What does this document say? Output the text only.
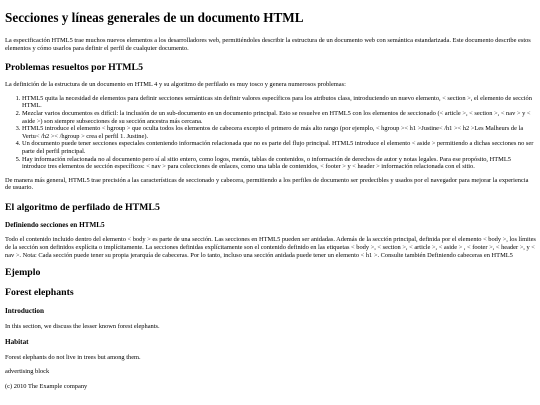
Secciones y líneas generales de un documento HTML

La especificación HTML5 trae muchos nuevos elementos a los desarrolladores web, permitiéndoles describir la estructura de un documento web con semántica estandarizada. Este documento describe estos elementos y cómo usarlos para definir el perfil de cualquier documento.

Problemas resueltos por HTML5

La definición de la estructura de un documento en HTML 4 y su algoritmo de perfilado es muy tosco y genera numerosos problemas:

1. HTML5 quita la necesidad de elementos para definir secciones semánticas sin definir valores específicos para los atributos class, introduciendo un nuevo elemento, < section >, el elemento de sección HTML.
2. Mezclar varios documentos es difícil: la inclusión de un sub-documento en un documento principal. Esto se resuelve en HTML5 con los elementos de seccionado (< article >, < section >, < nav > y < aside >) son siempre subsecciones de su sección ancestra más cercana.
3. HTML5 introduce el elemento < hgroup > que oculta todos los elementos de cabecera excepto el primero de más alto rango (por ejemplo, < hgroup >< h1 >Justine< /h1 >< h2 >Les Malheurs de la Vertu< /h2 >< /hgroup > crea el perfil 1. Justine).
4. Un documento puede tener secciones especiales conteniendo información relacionada que no es parte del flujo principal. HTML5 introduce el elemento < aside > permitiendo a dichas secciones no ser parte del perfil principal.
5. Hay información relacionada no al documento pero sí al sitio entero, como logos, menús, tablas de contenidos, o información de derechos de autor y notas legales. Para ese propósito, HTML5 introduce tres elementos de sección específicos: < nav > para colecciones de enlaces, como una tabla de contenidos, < footer > y < header > información relacionada con el sitio.

De manera más general, HTML5 trae precisión a las características de seccionado y cabecera, permitiendo a los perfiles de documento ser predecibles y usados por el navegador para mejorar la experiencia de usuario.

El algoritmo de perfilado de HTML5
Definiendo secciones en HTML5

Todo el contenido incluido dentro del elemento < body > es parte de una sección. Las secciones en HTML5 pueden ser anidadas. Además de la sección principal, definida por el elemento < body >, los límites de la sección son definidos explícita o implícitamente. La secciones definidas explícitamente son el contenido definido en las etiquetas < body >, < section >, < article >, < aside > , < footer >, < header >, y < nav >. Nota: Cada sección puede tener su propia jerarquía de cabeceras. Por lo tanto, incluso una sección anidada puede tener un elemento < h1 >. Consulte también Definiendo cabeceras en HTML5

Ejemplo
Forest elephants
Introduction

In this section, we discuss the lesser known forest elephants.

Habitat

Forest elephants do not live in trees but among them.

advertising block

(c) 2010 The Example company
